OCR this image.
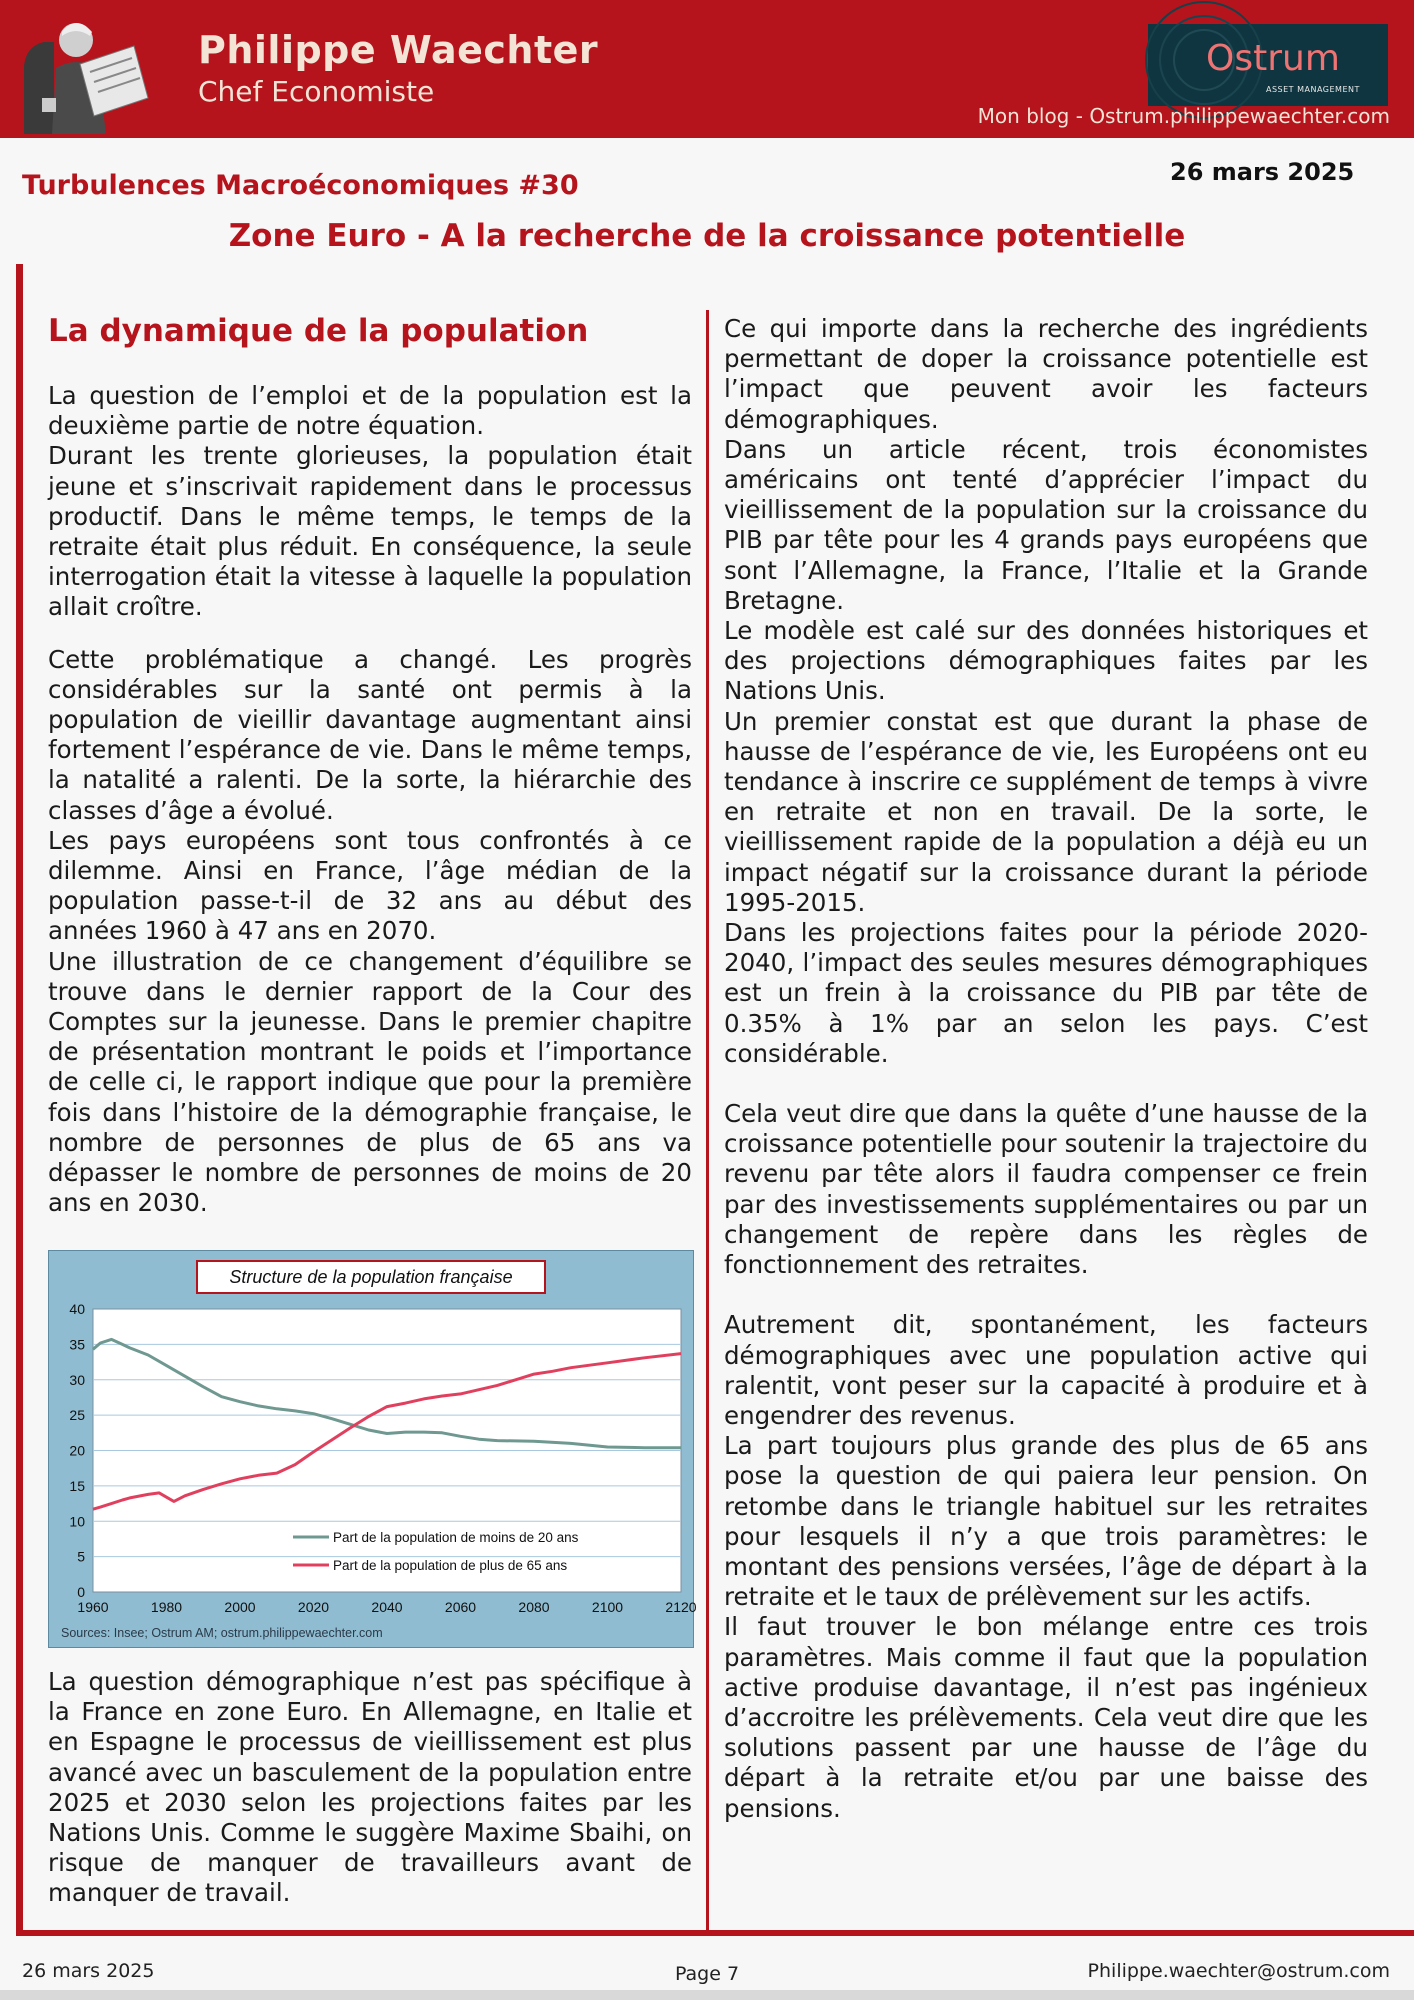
Philippe Waechter
Chef Economiste
Ostrum
ASSET MANAGEMENT
Mon blog - Ostrum.philippewaechter.com
Turbulences Macroéconomiques #30	26 mars 2025
Zone Euro - A la recherche de la croissance potentielle
La dynamique de la population

La question de l’emploi et de la population est la deuxième partie de notre équation.

Durant les trente glorieuses, la population était jeune et s’inscrivait rapidement dans le processus productif. Dans le même temps, le temps de la retraite était plus réduit. En conséquence, la seule interrogation était la vitesse à laquelle la population allait croître.

Cette problématique a changé. Les progrès considérables sur la santé ont permis à la population de vieillir davantage augmentant ainsi fortement l’espérance de vie. Dans le même temps, la natalité a ralenti. De la sorte, la hiérarchie des classes d’âge a évolué.

Les pays européens sont tous confrontés à ce dilemme. Ainsi en France, l’âge médian de la population passe-t-il de 32 ans au début des années 1960 à 47 ans en 2070.

Une illustration de ce changement d’équilibre se trouve dans le dernier rapport de la Cour des Comptes sur la jeunesse. Dans le premier chapitre de présentation montrant le poids et l’importance de celle ci, le rapport indique que pour la première fois dans l’histoire de la démographie française, le nombre de personnes de plus de 65 ans va dépasser le nombre de personnes de moins de 20 ans en 2030.

0
5
10
15
20
25
30
35
40
1960	1980	2000	2020	2040	2060	2080	2100	2120
Structure de la population française
Part de la population de moins de 20 ans
Part de la population de plus de 65 ans
Sources: Insee; Ostrum AM; ostrum.philippewaechter.com

La question démographique n’est pas spécifique à la France en zone Euro. En Allemagne, en Italie et en Espagne le processus de vieillissement est plus avancé avec un basculement de la population entre 2025 et 2030 selon les projections faites par les Nations Unis. Comme le suggère Maxime Sbaihi, on risque de manquer de travailleurs avant de manquer de travail.

Ce qui importe dans la recherche des ingrédients permettant de doper la croissance potentielle est l’impact que peuvent avoir les facteurs démographiques.

Dans un article récent, trois économistes américains ont tenté d’apprécier l’impact du vieillissement de la population sur la croissance du PIB par tête pour les 4 grands pays européens que sont l’Allemagne, la France, l’Italie et la Grande Bretagne.

Le modèle est calé sur des données historiques et des projections démographiques faites par les Nations Unis.

Un premier constat est que durant la phase de hausse de l’espérance de vie, les Européens ont eu tendance à inscrire ce supplément de temps à vivre en retraite et non en travail. De la sorte, le vieillissement rapide de la population a déjà eu un impact négatif sur la croissance durant la période 1995-2015.

Dans les projections faites pour la période 2020-2040, l’impact des seules mesures démographiques est un frein à la croissance du PIB par tête de 0.35% à 1% par an selon les pays. C’est considérable.

Cela veut dire que dans la quête d’une hausse de la croissance potentielle pour soutenir la trajectoire du revenu par tête alors il faudra compenser ce frein par des investissements supplémentaires ou par un changement de repère dans les règles de fonctionnement des retraites.

Autrement dit, spontanément, les facteurs démographiques avec une population active qui ralentit, vont peser sur la capacité à produire et à engendrer des revenus.

La part toujours plus grande des plus de 65 ans pose la question de qui paiera leur pension. On retombe dans le triangle habituel sur les retraites pour lesquels il n’y a que trois paramètres: le montant des pensions versées, l’âge de départ à la retraite et le taux de prélèvement sur les actifs.

Il faut trouver le bon mélange entre ces trois paramètres. Mais comme il faut que la population active produise davantage, il n’est pas ingénieux d’accroitre les prélèvements. Cela veut dire que les solutions passent par une hausse de l’âge du départ à la retraite et/ou par une baisse des pensions.

26 mars 2025	Page 7	Philippe.waechter@ostrum.com
